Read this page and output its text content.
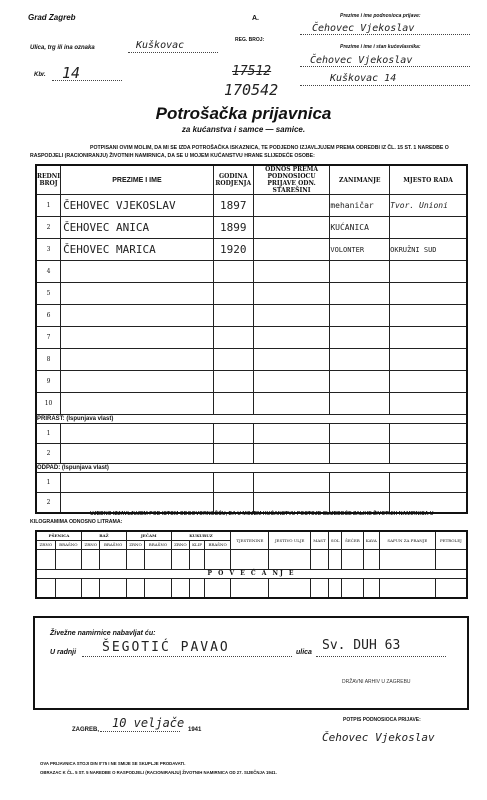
Grad Zagreb	A.
REG. BROJ:
Prezime i ime podnosioca prijave:
Čehovec Vjekoslav
Prezime i ime i stan kućevlasnika:
Čehovec Vjekoslav
Kuškovac 14
Ulica, trg ili ina oznaka	Kuškovac
Kbr. 14	17512
170542
Potrošačka prijavnica
za kućanstva i samce — samice.
POTPISANI OVIM MOLIM, DA MI SE IZDA POTROŠAČKA ISKAZNICA, TE PODJEDNO IZJAVLJUJEM PREMA ODREDBI IZ ČL. 15 ST. 1 NAREDBE O RASPODJELI (RACIONIRANJU) ŽIVOTNIH NAMIRNICA, DA SE U MOJEM KUĆANSTVU HRANE SLIJEDEĆE OSOBE:
REDNI BROJ	PREZIME I IME	GODINA RODJENJA	ODNOS PREMA PODNOSIOCU PRIJAVE ODN. STAREŠINI	ZANIMANJE	MJESTO RADA
1	ČEHOVEC VJEKOSLAV	1897		mehaničar	Tvor. Unioni
2	ČEHOVEC ANICA	1899		KUĆANICA	
3	ČEHOVEC MARICA	1920		VOLONTER	OKRUŽNI SUD
4					
5					
6					
7					
8					
9					
10					
PRIRAST: (Ispunjava vlast)					
1					
2					
ODPAD: (Ispunjava vlast)					
1					
2					
UJEDNO IZJAVLJUJEM POD ISTOM ODGOVORNOŠĆU, DA U MOJEM KUĆANSTVU POSTOJE SLIJEDEĆE ZALIHE ŽIVOTNIH NAMIRNICA U KILOGRAMIMA ODNOSNO LITRAMA:
PŠENICA		RAŽ		JEČAM		KUKURUZ			TJESTENINE	JESTIVO ULJE	MAST	SOL	ŠEĆER	KAVA	SAPUN ZA PRANJE	PETROLEJ
ZRNO	BRAŠNO	ZRNO	BRAŠNO	ZRNO	BRAŠNO	ZRNO	KLIP	BRAŠNO								

P O V E Ć A NJ E																

Živežne namirnice nabavljat ću:
U radnji ŠEGOTIĆ PAVAO	ulica Sv. DUH 63
DRŽAVNI ARHIV U ZAGREBU
ZAGREB, 10 veljače 1941
POTPIS PODNOSIOCA PRIJAVE:
Čehovec Vjekoslav
OVA PRIJAVNICA STOJI DIN 0'75 I NE SMIJE SE SKUPLJE PRODAVATI.
OBRAZAC K ČL. 5 ST. 5 NAREDBE O RASPODJELI (RACIONIRANJU) ŽIVOTNIH NAMIRNICA OD 27. SIJEČNJA 1941.
